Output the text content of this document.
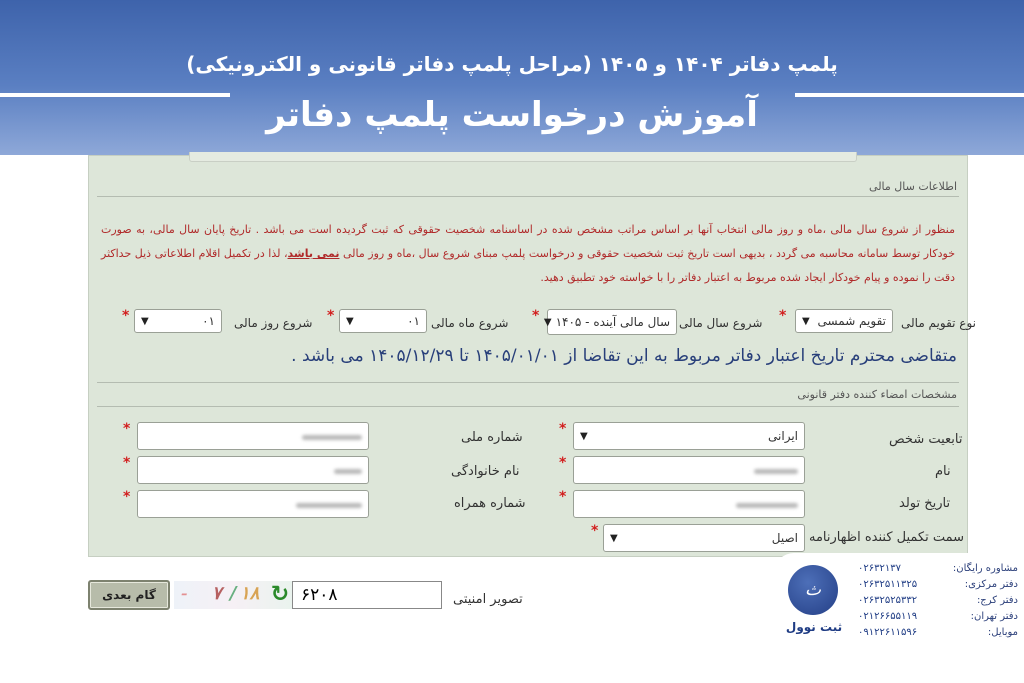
پلمپ دفاتر ۱۴۰۴ و ۱۴۰۵ (مراحل پلمپ دفاتر قانونی و الکترونیکی)
آموزش درخواست پلمپ دفاتر
اطلاعات سال مالی
منظور از شروع سال مالی ،ماه و روز مالی انتخاب آنها بر اساس مراتب مشخص شده در اساسنامه شخصیت حقوقی که ثبت گردیده است می باشد . تاریخ پایان سال مالی، به صورت خودکار توسط سامانه محاسبه می گردد ، بدیهی است تاریخ ثبت شخصیت حقوقی و درخواست پلمپ مبنای شروع سال ،ماه و روز مالی نمی باشد، لذا در تکمیل اقلام اطلاعاتی ذیل حداکثر دقت را نموده و پیام خودکار ایجاد شده مربوط به اعتبار دفاتر را با خواسته خود تطبیق دهید.
نوع تقویم مالی
تقویم شمسی
▼
*
شروع سال مالی
سال مالی آینده - ۱۴۰۵
▼
*
شروع ماه مالی
۰۱
▼
*
شروع روز مالی
۰۱
▼
*
متقاضی محترم تاریخ اعتبار دفاتر مربوط به این تقاضا از ۱۴۰۵/۰۱/۰۱ تا ۱۴۰۵/۱۲/۲۹ می باشد .
مشخصات امضاء کننده دفتر قانونی
تابعیت شخص
ایرانی
▼
*
شماره ملی
*
نام
*
نام خانوادگی
*
تاریخ تولد
*
شماره همراه
*
سمت تکمیل کننده اظهارنامه
اصیل
▼
*
تصویر امنیتی
۶۲۰۸
ـ ۷ / ۱۸ ↻
گام بعدی	ث
ثبت نوول
مشاوره رایگان:
۰۲۶۳۲۱۳۷
دفتر مرکزی:
۰۲۶۳۲۵۱۱۳۲۵
دفتر کرج:
۰۲۶۳۲۵۲۵۳۳۲
دفتر تهران:
۰۲۱۲۶۶۵۵۱۱۹
موبایل:
۰۹۱۲۲۶۱۱۵۹۶
